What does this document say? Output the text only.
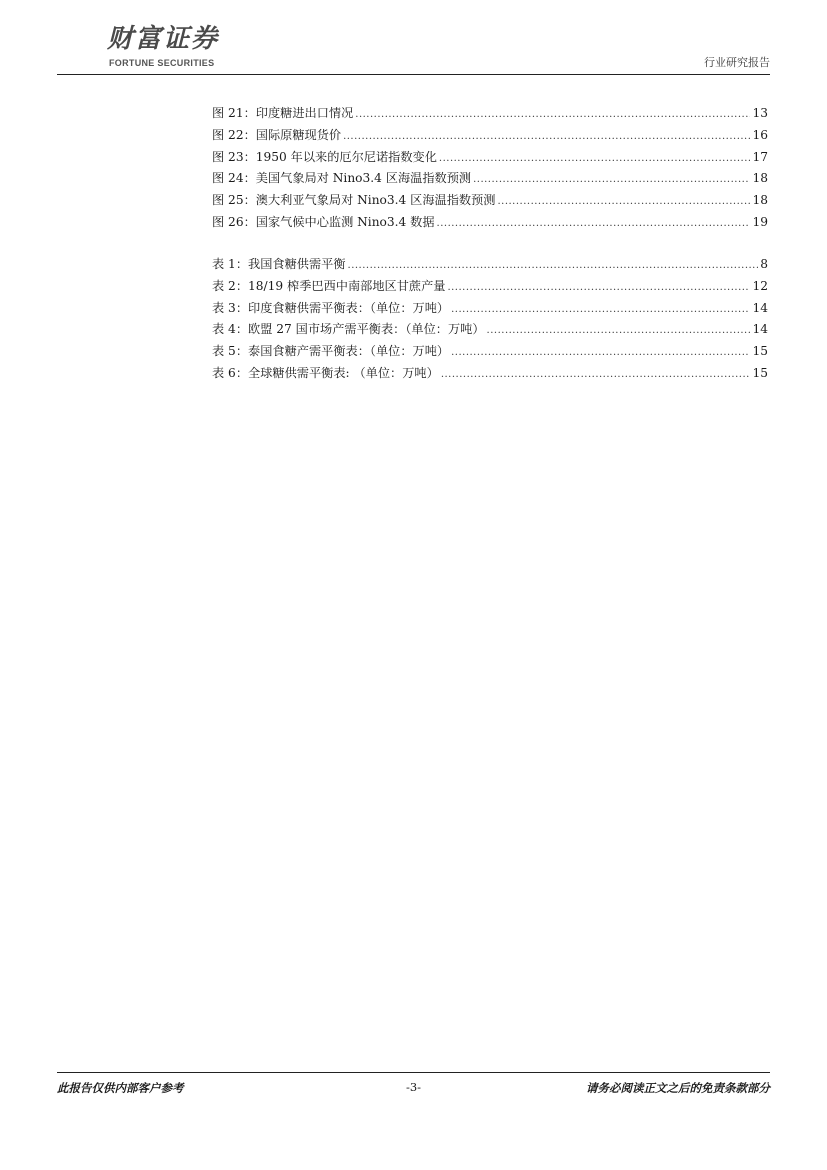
财富证券
FORTUNE SECURITIES	行业研究报告
图 21： 印度糖进出口情况 .....	13
图 22： 国际原糖现货价 .....	16
图 23： 1950 年以来的厄尔尼诺指数变化 .....	17
图 24： 美国气象局对 Nino3.4 区海温指数预测 .....	18
图 25： 澳大利亚气象局对 Nino3.4 区海温指数预测 .....	18
图 26： 国家气候中心监测 Nino3.4 数据 .....	19
表 1： 我国食糖供需平衡 .....	8
表 2： 18/19 榨季巴西中南部地区甘蔗产量 .....	12
表 3： 印度食糖供需平衡表：（单位：万吨） .....	14
表 4： 欧盟 27 国市场产需平衡表：（单位：万吨） .....	14
表 5： 泰国食糖产需平衡表：（单位：万吨） .....	15
表 6： 全球糖供需平衡表: （单位：万吨） .....	15
此报告仅供内部客户参考	-3-	请务必阅读正文之后的免责条款部分
